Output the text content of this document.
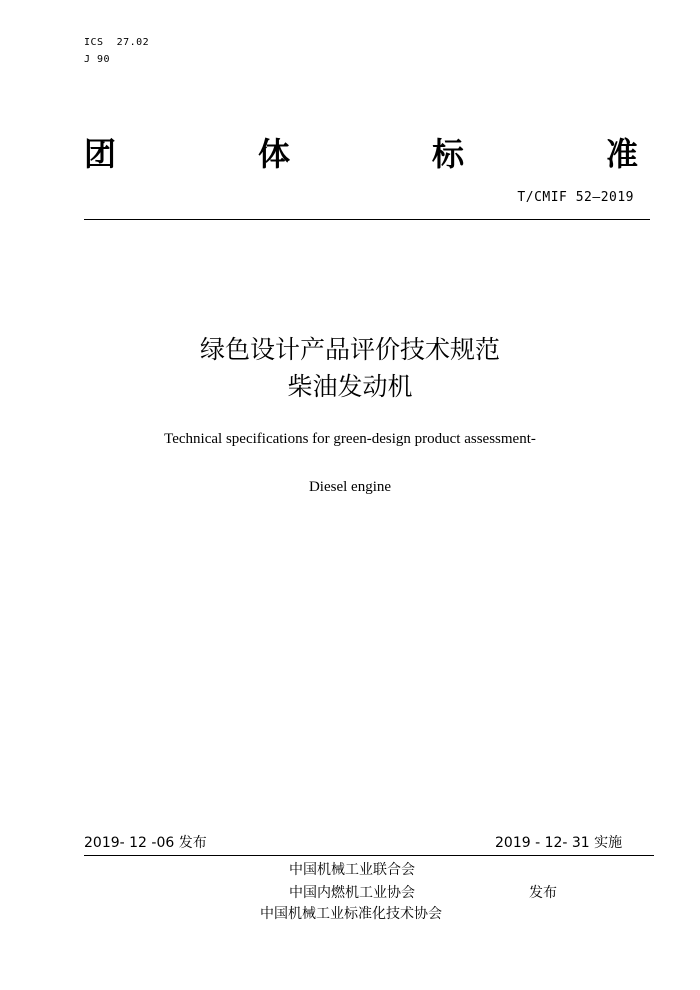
ICS  27.02
J 90
团	体	标	准
T/CMIF 52—2019
绿色设计产品评价技术规范
柴油发动机
Technical specifications for green-design product assessment-
Diesel engine
2019- 12 -06 发布	2019 - 12- 31 实施
中国机械工业联合会
中国内燃机工业协会
中国机械工业标准化技术协会
发布
